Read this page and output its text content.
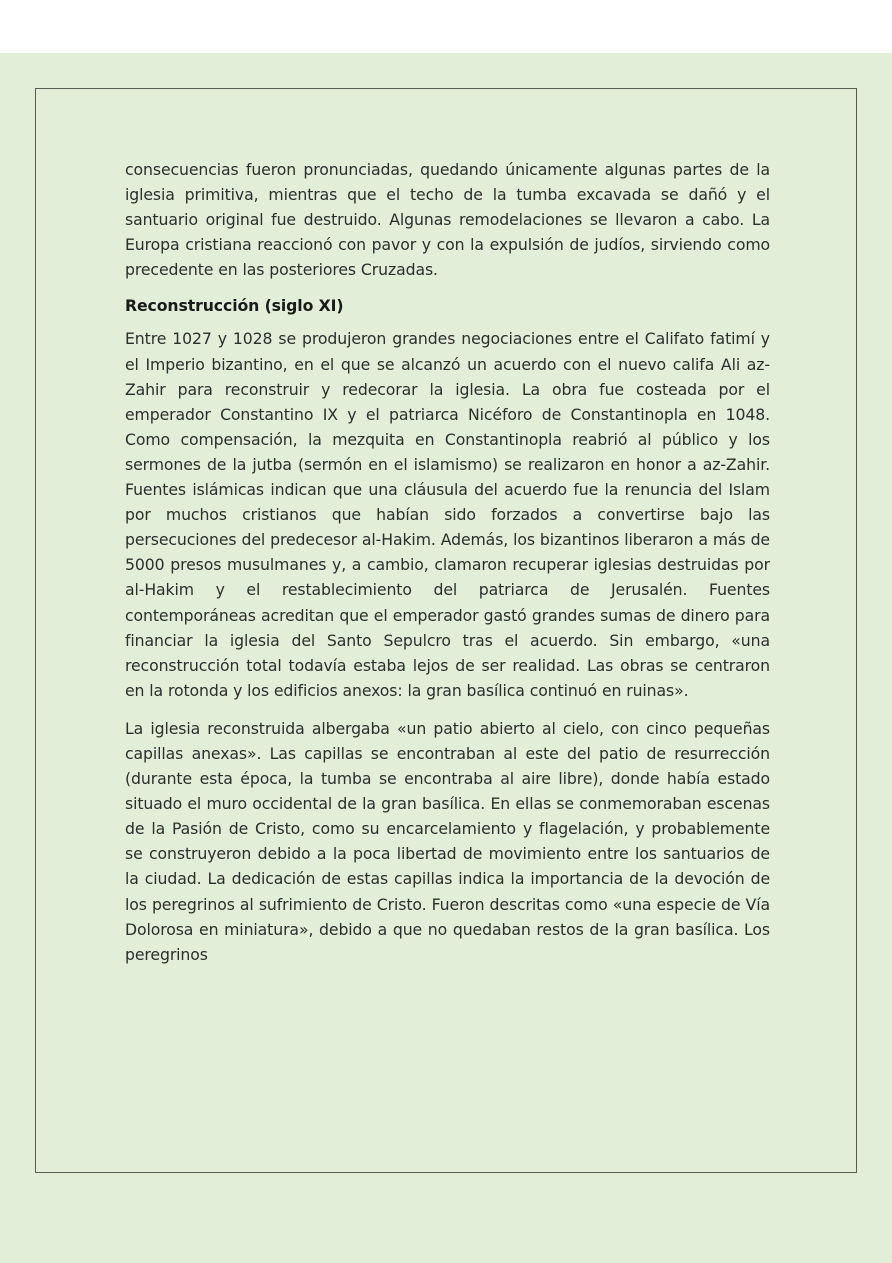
consecuencias fueron pronunciadas, quedando únicamente algunas partes de la iglesia primitiva, mientras que el techo de la tumba excavada se dañó y el santuario original fue destruido. Algunas remodelaciones se llevaron a cabo. La Europa cristiana reaccionó con pavor y con la expulsión de judíos, sirviendo como precedente en las posteriores Cruzadas.

Reconstrucción (siglo XI)

Entre 1027 y 1028 se produjeron grandes negociaciones entre el Califato fatimí y el Imperio bizantino, en el que se alcanzó un acuerdo con el nuevo califa Ali az-Zahir para reconstruir y redecorar la iglesia. La obra fue costeada por el emperador Constantino IX y el patriarca Nicéforo de Constantinopla en 1048. Como compensación, la mezquita en Constantinopla reabrió al público y los sermones de la jutba (sermón en el islamismo) se realizaron en honor a az-Zahir. Fuentes islámicas indican que una cláusula del acuerdo fue la renuncia del Islam por muchos cristianos que habían sido forzados a convertirse bajo las persecuciones del predecesor al-Hakim. Además, los bizantinos liberaron a más de 5000 presos musulmanes y, a cambio, clamaron recuperar iglesias destruidas por al-Hakim y el restablecimiento del patriarca de Jerusalén. Fuentes contemporáneas acreditan que el emperador gastó grandes sumas de dinero para financiar la iglesia del Santo Sepulcro tras el acuerdo. Sin embargo, «una reconstrucción total todavía estaba lejos de ser realidad. Las obras se centraron en la rotonda y los edificios anexos: la gran basílica continuó en ruinas».

La iglesia reconstruida albergaba «un patio abierto al cielo, con cinco pequeñas capillas anexas». Las capillas se encontraban al este del patio de resurrección (durante esta época, la tumba se encontraba al aire libre), donde había estado situado el muro occidental de la gran basílica. En ellas se conmemoraban escenas de la Pasión de Cristo, como su encarcelamiento y flagelación, y probablemente se construyeron debido a la poca libertad de movimiento entre los santuarios de la ciudad. La dedicación de estas capillas indica la importancia de la devoción de los peregrinos al sufrimiento de Cristo. Fueron descritas como «una especie de Vía Dolorosa en miniatura», debido a que no quedaban restos de la gran basílica. Los peregrinos
